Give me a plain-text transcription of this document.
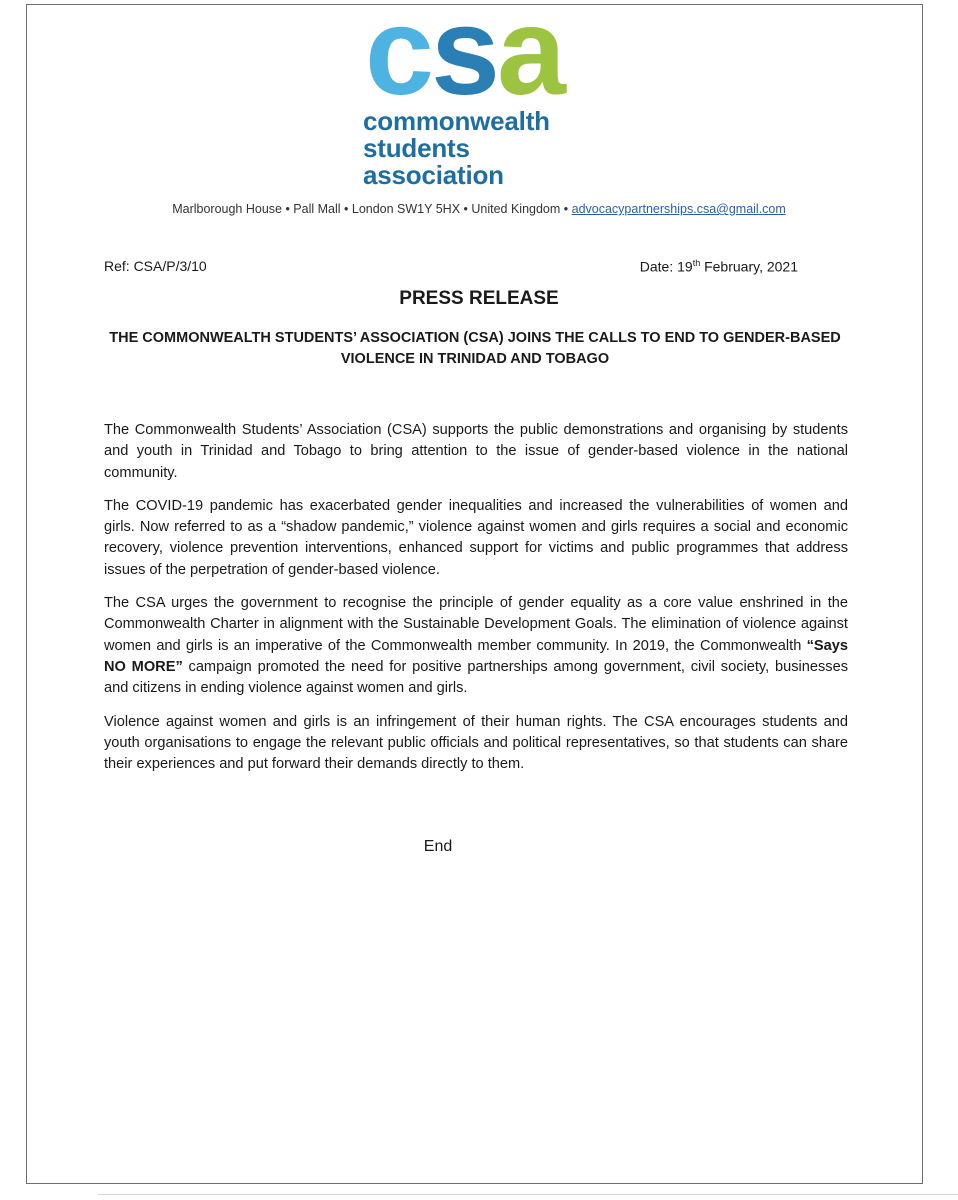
csa
commonwealth
students
association
Marlborough House • Pall Mall • London SW1Y 5HX • United Kingdom • advocacypartnerships.csa@gmail.com
Ref: CSA/P/3/10	Date: 19th February, 2021
PRESS RELEASE
THE COMMONWEALTH STUDENTS’ ASSOCIATION (CSA) JOINS THE CALLS TO END TO GENDER-BASED VIOLENCE IN TRINIDAD AND TOBAGO

The Commonwealth Students’ Association (CSA) supports the public demonstrations and organising by students and youth in Trinidad and Tobago to bring attention to the issue of gender-based violence in the national community.

The COVID-19 pandemic has exacerbated gender inequalities and increased the vulnerabilities of women and girls. Now referred to as a “shadow pandemic,” violence against women and girls requires a social and economic recovery, violence prevention interventions, enhanced support for victims and public programmes that address issues of the perpetration of gender-based violence.

The CSA urges the government to recognise the principle of gender equality as a core value enshrined in the Commonwealth Charter in alignment with the Sustainable Development Goals. The elimination of violence against women and girls is an imperative of the Commonwealth member community. In 2019, the Commonwealth “Says NO MORE” campaign promoted the need for positive partnerships among government, civil society, businesses and citizens in ending violence against women and girls.

Violence against women and girls is an infringement of their human rights. The CSA encourages students and youth organisations to engage the relevant public officials and political representatives, so that students can share their experiences and put forward their demands directly to them.

End
